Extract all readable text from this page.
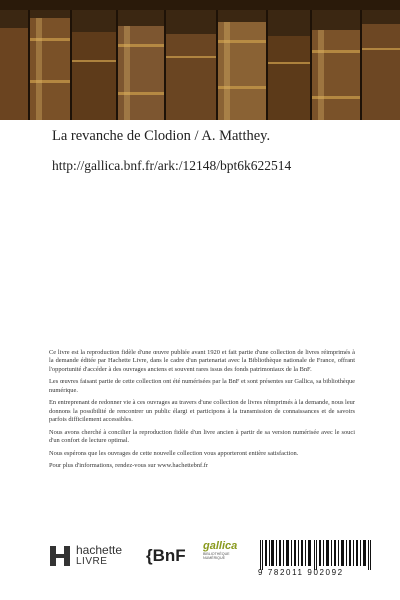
La revanche de Clodion / A. Matthey.
http://gallica.bnf.fr/ark:/12148/bpt6k622514

Ce livre est la reproduction fidèle d'une œuvre publiée avant 1920 et fait partie d'une collection de livres réimprimés à la demande éditée par Hachette Livre, dans le cadre d'un partenariat avec la Bibliothèque nationale de France, offrant l'opportunité d'accéder à des ouvrages anciens et souvent rares issus des fonds patrimoniaux de la BnF.

Les œuvres faisant partie de cette collection ont été numérisées par la BnF et sont présentes sur Gallica, sa bibliothèque numérique.

En entreprenant de redonner vie à ces ouvrages au travers d'une collection de livres réimprimés à la demande, nous leur donnons la possibilité de rencontrer un public élargi et participons à la transmission de connaissances et de savoirs parfois difficilement accessibles.

Nous avons cherché à concilier la reproduction fidèle d'un livre ancien à partir de sa version numérisée avec le souci d'un confort de lecture optimal.

Nous espérons que les ouvrages de cette nouvelle collection vous apporteront entière satisfaction.

Pour plus d'informations, rendez-vous sur www.hachettebnf.fr

hachette
LIVRE	{BnF gallica
BIBLIOTHÈQUE
NUMÉRIQUE
9 782011 902092
